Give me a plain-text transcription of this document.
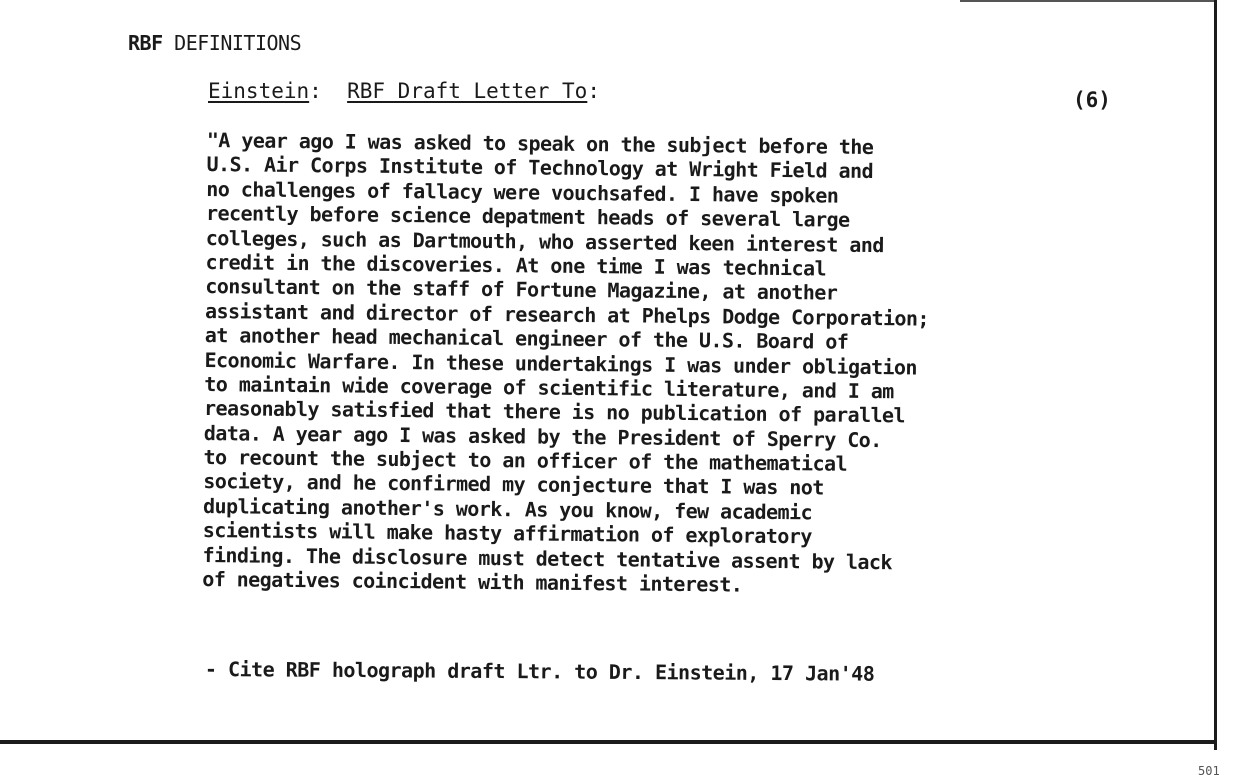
RBF DEFINITIONS
Einstein: RBF Draft Letter To:	(6)
"A year ago I was asked to speak on the subject before the
U.S. Air Corps Institute of Technology at Wright Field and
no challenges of fallacy were vouchsafed. I have spoken
recently before science depatment heads of several large
colleges, such as Dartmouth, who asserted keen interest and
credit in the discoveries. At one time I was technical
consultant on the staff of Fortune Magazine, at another
assistant and director of research at Phelps Dodge Corporation;
at another head mechanical engineer of the U.S. Board of
Economic Warfare. In these undertakings I was under obligation
to maintain wide coverage of scientific literature, and I am
reasonably satisfied that there is no publication of parallel
data. A year ago I was asked by the President of Sperry Co.
to recount the subject to an officer of the mathematical
society, and he confirmed my conjecture that I was not
duplicating another's work. As you know, few academic
scientists will make hasty affirmation of exploratory
finding. The disclosure must detect tentative assent by lack
of negatives coincident with manifest interest.
- Cite RBF holograph draft Ltr. to Dr. Einstein, 17 Jan'48
501
